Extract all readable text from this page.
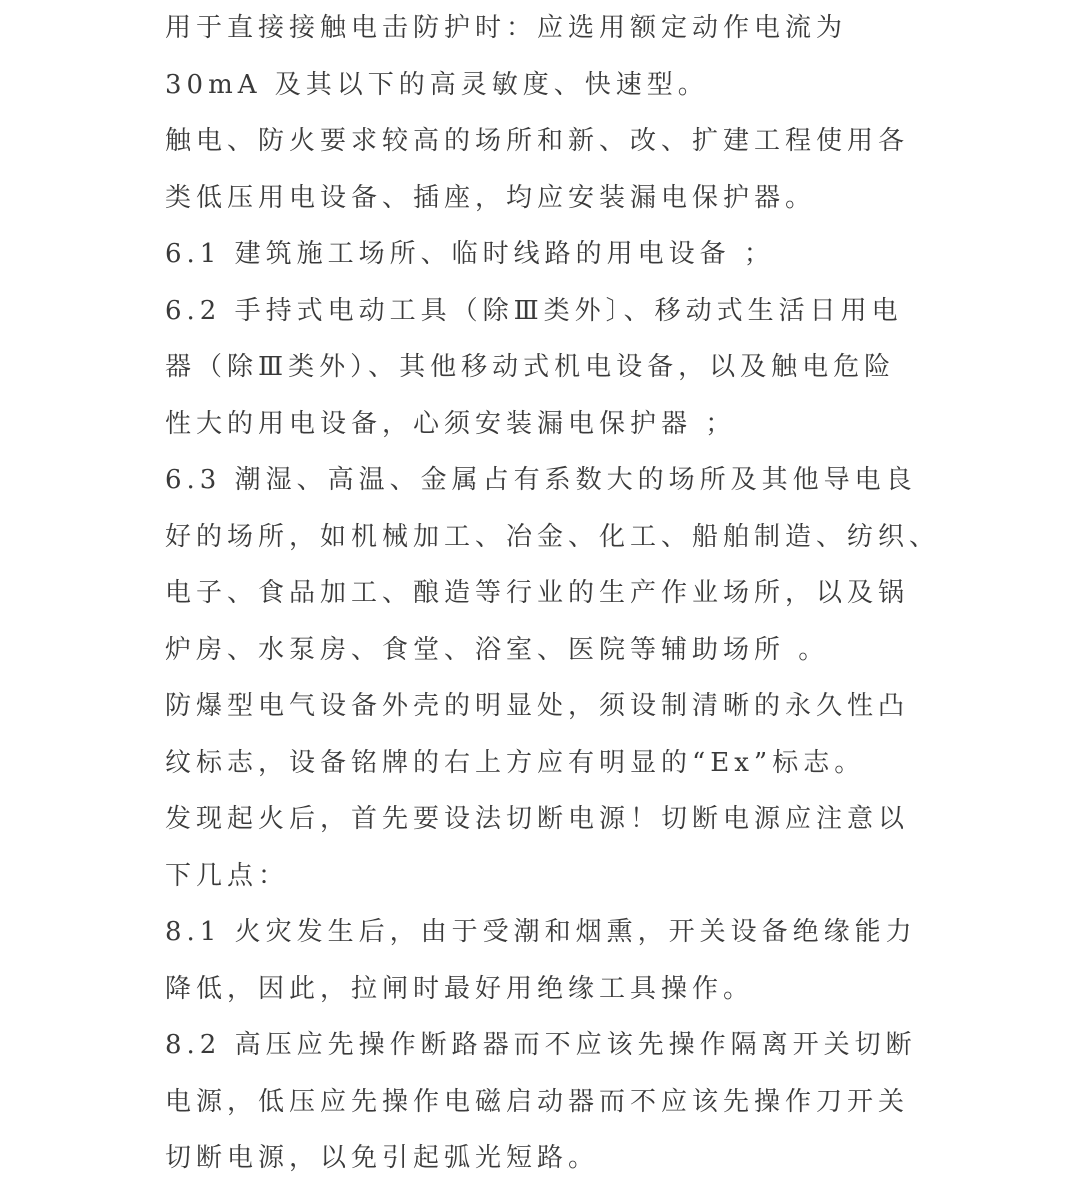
用于直接接触电击防护时：应选用额定动作电流为
30mA 及其以下的高灵敏度、快速型。
触电、防火要求较高的场所和新、改、扩建工程使用各
类低压用电设备、插座，均应安装漏电保护器。
6.1 建筑施工场所、临时线路的用电设备 ；
6.2 手持式电动工具（除Ⅲ类外〕、移动式生活日用电
器（除Ⅲ类外）、其他移动式机电设备，以及触电危险
性大的用电设备，心须安装漏电保护器 ；
6.3 潮湿、高温、金属占有系数大的场所及其他导电良
好的场所，如机械加工、冶金、化工、船舶制造、纺织、
电子、食品加工、酿造等行业的生产作业场所，以及锅
炉房、水泵房、食堂、浴室、医院等辅助场所 。
防爆型电气设备外壳的明显处，须设制清晰的永久性凸
纹标志，设备铭牌的右上方应有明显的“Ex”标志。
发现起火后，首先要设法切断电源！切断电源应注意以
下几点：
8.1 火灾发生后，由于受潮和烟熏，开关设备绝缘能力
降低，因此，拉闸时最好用绝缘工具操作。
8.2 高压应先操作断路器而不应该先操作隔离开关切断
电源，低压应先操作电磁启动器而不应该先操作刀开关
切断电源，以免引起弧光短路。
